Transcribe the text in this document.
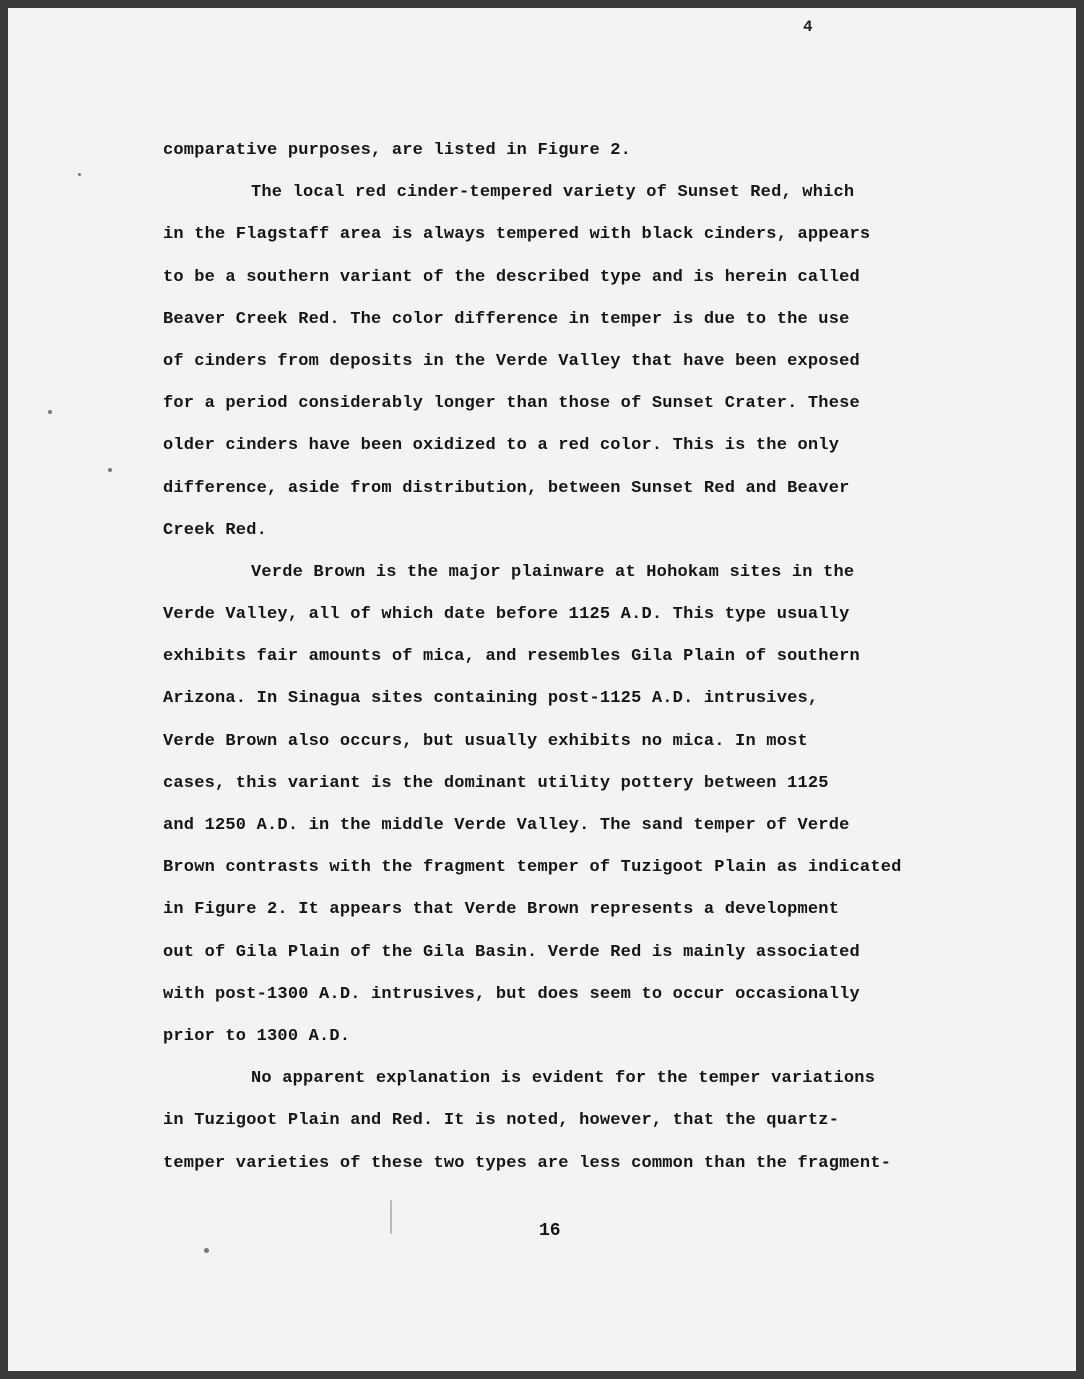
4
comparative purposes, are listed in Figure 2.
The local red cinder-tempered variety of Sunset Red, which
in the Flagstaff area is always tempered with black cinders, appears
to be a southern variant of the described type and is herein called
Beaver Creek Red. The color difference in temper is due to the use
of cinders from deposits in the Verde Valley that have been exposed
for a period considerably longer than those of Sunset Crater. These
older cinders have been oxidized to a red color. This is the only
difference, aside from distribution, between Sunset Red and Beaver
Creek Red.
Verde Brown is the major plainware at Hohokam sites in the
Verde Valley, all of which date before 1125 A.D. This type usually
exhibits fair amounts of mica, and resembles Gila Plain of southern
Arizona. In Sinagua sites containing post-1125 A.D. intrusives,
Verde Brown also occurs, but usually exhibits no mica. In most
cases, this variant is the dominant utility pottery between 1125
and 1250 A.D. in the middle Verde Valley. The sand temper of Verde
Brown contrasts with the fragment temper of Tuzigoot Plain as indicated
in Figure 2. It appears that Verde Brown represents a development
out of Gila Plain of the Gila Basin. Verde Red is mainly associated
with post-1300 A.D. intrusives, but does seem to occur occasionally
prior to 1300 A.D.
No apparent explanation is evident for the temper variations
in Tuzigoot Plain and Red. It is noted, however, that the quartz-
temper varieties of these two types are less common than the fragment-
16
